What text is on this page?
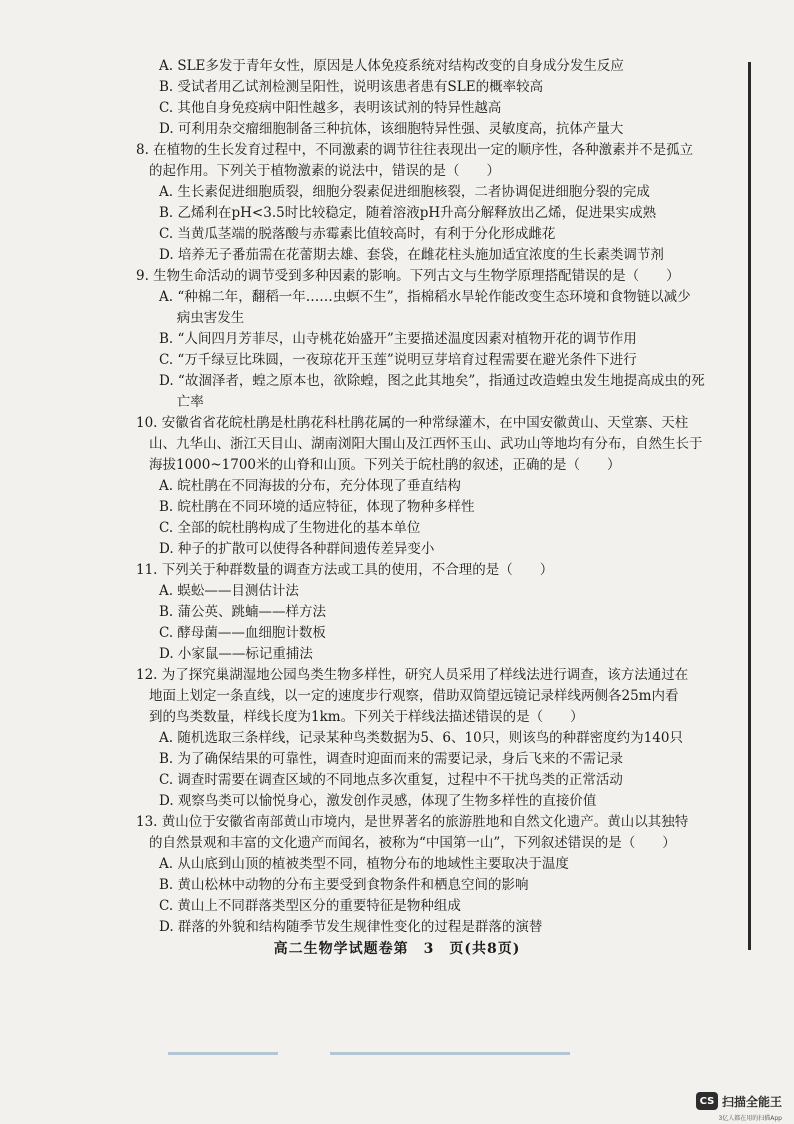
A. SLE多发于青年女性，原因是人体免疫系统对结构改变的自身成分发生反应
B. 受试者用乙试剂检测呈阳性，说明该患者患有SLE的概率较高
C. 其他自身免疫病中阳性越多，表明该试剂的特异性越高
D. 可利用杂交瘤细胞制备三种抗体，该细胞特异性强、灵敏度高，抗体产量大
8. 在植物的生长发育过程中，不同激素的调节往往表现出一定的顺序性，各种激素并不是孤立
的起作用。下列关于植物激素的说法中，错误的是（　　）
A. 生长素促进细胞质裂，细胞分裂素促进细胞核裂，二者协调促进细胞分裂的完成
B. 乙烯利在pH<3.5时比较稳定，随着溶液pH升高分解释放出乙烯，促进果实成熟
C. 当黄瓜茎端的脱落酸与赤霉素比值较高时，有利于分化形成雌花
D. 培养无子番茄需在花蕾期去雄、套袋，在雌花柱头施加适宜浓度的生长素类调节剂
9. 生物生命活动的调节受到多种因素的影响。下列古文与生物学原理搭配错误的是（　　）
A. “种棉二年，翻稻一年……虫螟不生”，指棉稻水旱轮作能改变生态环境和食物链以减少
　 病虫害发生
B. “人间四月芳菲尽，山寺桃花始盛开”主要描述温度因素对植物开花的调节作用
C. “万千绿豆比珠圆，一夜琼花开玉莲”说明豆芽培育过程需要在避光条件下进行
D. “故涸泽者，蝗之原本也，欲除蝗，图之此其地矣”，指通过改造蝗虫发生地提高成虫的死
　 亡率
10. 安徽省省花皖杜鹃是杜鹃花科杜鹃花属的一种常绿灌木，在中国安徽黄山、天堂寨、天柱
山、九华山、浙江天目山、湖南浏阳大围山及江西怀玉山、武功山等地均有分布，自然生长于
海拔1000~1700米的山脊和山顶。下列关于皖杜鹃的叙述，正确的是（　　）
A. 皖杜鹃在不同海拔的分布，充分体现了垂直结构
B. 皖杜鹃在不同环境的适应特征，体现了物种多样性
C. 全部的皖杜鹃构成了生物进化的基本单位
D. 种子的扩散可以使得各种群间遗传差异变小
11. 下列关于种群数量的调查方法或工具的使用，不合理的是（　　）
A. 蜈蚣——目测估计法
B. 蒲公英、跳蝻——样方法
C. 酵母菌——血细胞计数板
D. 小家鼠——标记重捕法
12. 为了探究巢湖湿地公园鸟类生物多样性，研究人员采用了样线法进行调查，该方法通过在
地面上划定一条直线，以一定的速度步行观察，借助双筒望远镜记录样线两侧各25m内看
到的鸟类数量，样线长度为1km。下列关于样线法描述错误的是（　　）
A. 随机选取三条样线，记录某种鸟类数据为5、6、10只，则该鸟的种群密度约为140只
B. 为了确保结果的可靠性，调查时迎面而来的需要记录，身后飞来的不需记录
C. 调查时需要在调查区域的不同地点多次重复，过程中不干扰鸟类的正常活动
D. 观察鸟类可以愉悦身心，激发创作灵感，体现了生物多样性的直接价值
13. 黄山位于安徽省南部黄山市境内，是世界著名的旅游胜地和自然文化遗产。黄山以其独特
的自然景观和丰富的文化遗产而闻名，被称为“中国第一山”，下列叙述错误的是（　　）
A. 从山底到山顶的植被类型不同，植物分布的地域性主要取决于温度
B. 黄山松林中动物的分布主要受到食物条件和栖息空间的影响
C. 黄山上不同群落类型区分的重要特征是物种组成
D. 群落的外貌和结构随季节发生规律性变化的过程是群落的演替
高二生物学试题卷第　3　页(共8页)
CS 扫描全能王
3亿人都在用的扫描App
